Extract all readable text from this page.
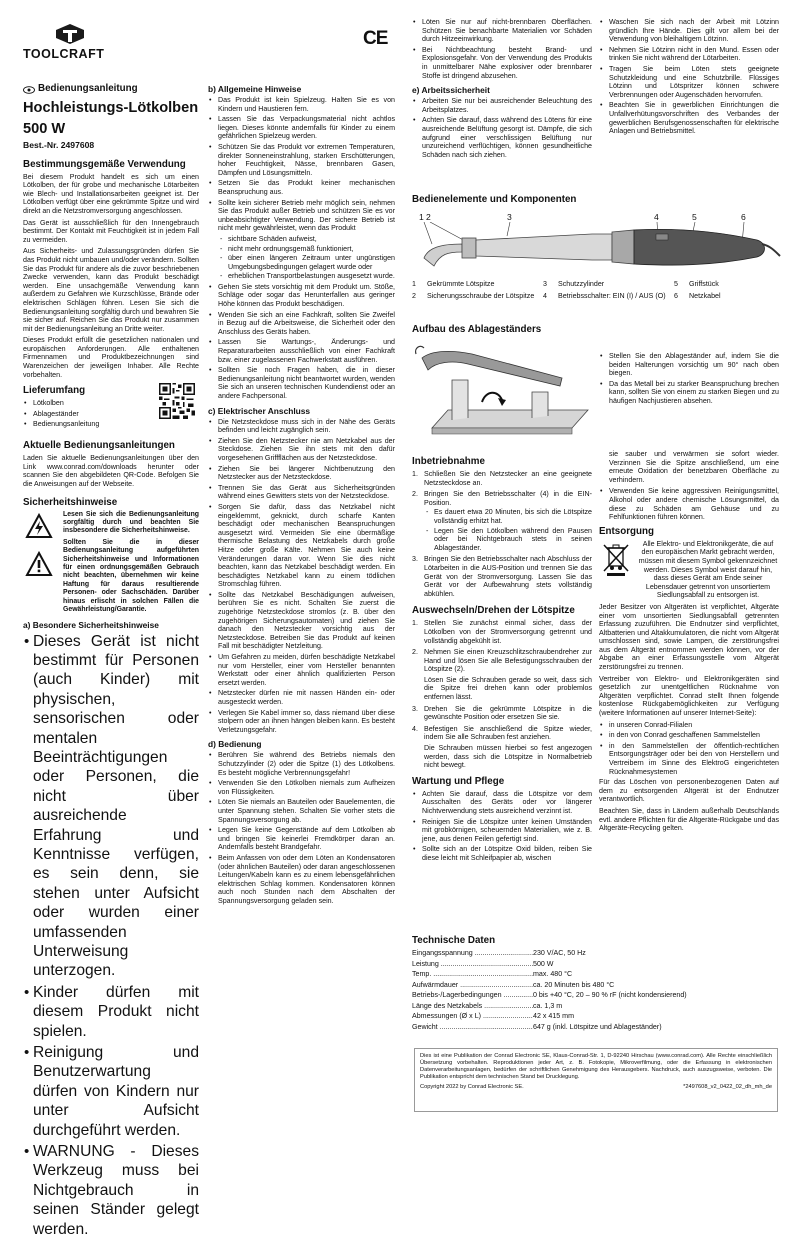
TOOLCRAFT
CE
Bedienungsanleitung

Hochleistungs-Lötkolben

500 W

Best.-Nr. 2497608
Bestimmungsgemäße Verwendung

Bei diesem Produkt handelt es sich um einen Lötkolben, der für grobe und mechanische Lötarbeiten wie Blech- und Installationsarbeiten geeignet ist. Der Lötkolben verfügt über eine gekrümmte Spitze und wird direkt an die Netzstromversorgung angeschlossen.

Das Gerät ist ausschließlich für den Innengebrauch bestimmt. Der Kontakt mit Feuchtigkeit ist in jedem Fall zu vermeiden.

Aus Sicherheits- und Zulassungsgründen dürfen Sie das Produkt nicht umbauen und/oder verändern. Sollten Sie das Produkt für andere als die zuvor beschriebenen Zwecke verwenden, kann das Produkt beschädigt werden. Eine unsachgemäße Verwendung kann außerdem zu Gefahren wie Kurzschlüsse, Brände oder elektrischen Schlägen führen. Lesen Sie sich die Bedienungsanleitung sorgfältig durch und bewahren Sie sie sicher auf. Reichen Sie das Produkt nur zusammen mit der Bedienungsanleitung an Dritte weiter.

Dieses Produkt erfüllt die gesetzlichen nationalen und europäischen Anforderungen. Alle enthaltenen Firmennamen und Produktbezeichnungen sind Warenzeichen der jeweiligen Inhaber. Alle Rechte vorbehalten.

Lieferumfang
• Lötkolben
• Ablageständer
• Bedienungsanleitung
Aktuelle Bedienungsanleitungen

Laden Sie aktuelle Bedienungsanleitungen über den Link www.conrad.com/downloads herunter oder scannen Sie den abgebildeten QR-Code. Befolgen Sie die Anweisungen auf der Webseite.

Sicherheitshinweise

Lesen Sie sich die Bedienungsanleitung sorgfältig durch und beachten Sie insbesondere die Sicherheitshinweise.

Sollten Sie die in dieser Bedienungsanleitung aufgeführten Sicherheitshinweise und Informationen für einen ordnungsgemäßen Gebrauch nicht beachten, übernehmen wir keine Haftung für daraus resultierende Personen- oder Sachschäden. Darüber hinaus erlischt in solchen Fällen die Gewährleistung/Garantie.

a) Besondere Sicherheitshinweise
• Dieses Gerät ist nicht bestimmt für Personen (auch Kinder) mit physischen, sensorischen oder mentalen Beeinträchtigungen oder Personen, die nicht über ausreichende Erfahrung und Kenntnisse verfügen, es sein denn, sie stehen unter Aufsicht oder wurden einer umfassenden Unterweisung unterzogen.
• Kinder dürfen mit diesem Produkt nicht spielen.
• Reinigung und Benutzerwartung dürfen von Kindern nur unter Aufsicht durchgeführt werden.
• WARNUNG - Dieses Werkzeug muss bei Nichtgebrauch in seinen Ständer gelegt werden.
b) Allgemeine Hinweise
• Das Produkt ist kein Spielzeug. Halten Sie es von Kindern und Haustieren fern.
• Lassen Sie das Verpackungsmaterial nicht achtlos liegen. Dieses könnte andernfalls für Kinder zu einem gefährlichen Spielzeug werden.
• Schützen Sie das Produkt vor extremen Temperaturen, direkter Sonneneinstrahlung, starken Erschütterungen, hoher Feuchtigkeit, Nässe, brennbaren Gasen, Dämpfen und Lösungsmitteln.
• Setzen Sie das Produkt keiner mechanischen Beanspruchung aus.
• Sollte kein sicherer Betrieb mehr möglich sein, nehmen Sie das Produkt außer Betrieb und schützen Sie es vor unbeabsichtigter Verwendung. Der sichere Betrieb ist nicht mehr gewährleistet, wenn das Produkt
- sichtbare Schäden aufweist,
- nicht mehr ordnungsgemäß funktioniert,
- über einen längeren Zeitraum unter ungünstigen Umgebungsbedingungen gelagert wurde oder
- erheblichen Transportbelastungen ausgesetzt wurde.
• Gehen Sie stets vorsichtig mit dem Produkt um. Stöße, Schläge oder sogar das Herunterfallen aus geringer Höhe können das Produkt beschädigen.
• Wenden Sie sich an eine Fachkraft, sollten Sie Zweifel in Bezug auf die Arbeitsweise, die Sicherheit oder den Anschluss des Geräts haben.
• Lassen Sie Wartungs-, Änderungs- und Reparaturarbeiten ausschließlich von einer Fachkraft bzw. einer zugelassenen Fachwerkstatt ausführen.
• Sollten Sie noch Fragen haben, die in dieser Bedienungsanleitung nicht beantwortet wurden, wenden Sie sich an unseren technischen Kundendienst oder an andere Fachpersonal.
c) Elektrischer Anschluss
• Die Netzsteckdose muss sich in der Nähe des Geräts befinden und leicht zugänglich sein.
• Ziehen Sie den Netzstecker nie am Netzkabel aus der Steckdose. Ziehen Sie ihn stets mit den dafür vorgesehenen Griffflächen aus der Netzsteckdose.
• Ziehen Sie bei längerer Nichtbenutzung den Netzstecker aus der Netzsteckdose.
• Trennen Sie das Gerät aus Sicherheitsgründen während eines Gewitters stets von der Netzsteckdose.
• Sorgen Sie dafür, dass das Netzkabel nicht eingeklemmt, geknickt, durch scharfe Kanten beschädigt oder mechanischen Beanspruchungen ausgesetzt wird. Vermeiden Sie eine übermäßige thermische Belastung des Netzkabels durch große Hitze oder große Kälte. Nehmen Sie auch keine Veränderungen daran vor. Wenn Sie dies nicht beachten, kann das Netzkabel beschädigt werden. Ein beschädigtes Netzkabel kann zu einem tödlichen Stromschlag führen.
• Sollte das Netzkabel Beschädigungen aufweisen, berühren Sie es nicht. Schalten Sie zuerst die zugehörige Netzsteckdose stromlos (z. B. über den zugehörigen Sicherungsautomaten) und ziehen Sie danach den Netzstecker vorsichtig aus der Netzsteckdose. Betreiben Sie das Produkt auf keinen Fall mit beschädigter Netzleitung.
• Um Gefahren zu meiden, dürfen beschädigte Netzkabel nur vom Hersteller, einer vom Hersteller benannten Werkstatt oder einer ähnlich qualifizierten Person ersetzt werden.
• Netzstecker dürfen nie mit nassen Händen ein- oder ausgesteckt werden.
• Verlegen Sie Kabel immer so, dass niemand über diese stolpern oder an ihnen hängen bleiben kann. Es besteht Verletzungsgefahr.
d) Bedienung
• Berühren Sie während des Betriebs niemals den Schutzzylinder (2) oder die Spitze (1) des Lötkolbens. Es besteht mögliche Verbrennungsgefahr!
• Verwenden Sie den Lötkolben niemals zum Aufheizen von Flüssigkeiten.
• Löten Sie niemals an Bauteilen oder Bauelementen, die unter Spannung stehen. Schalten Sie vorher stets die Spannungsversorgung ab.
• Legen Sie keine Gegenstände auf dem Lötkolben ab und bringen Sie keinerlei Fremdkörper daran an. Andernfalls besteht Brandgefahr.
• Beim Anfassen von oder dem Löten an Kondensatoren (oder ähnlichen Bauteilen) oder daran angeschlossenen Leitungen/Kabeln kann es zu einem lebensgefährlichen elektrischen Schlag kommen. Kondensatoren können auch noch Stunden nach dem Abschalten der Spannungsversorgung geladen sein.
• Löten Sie nur auf nicht-brennbaren Oberflächen. Schützen Sie benachbarte Materialien vor Schäden durch Hitzeeinwirkung.
• Bei Nichtbeachtung besteht Brand- und Explosionsgefahr. Von der Verwendung des Produkts in unmittelbarer Nähe explosiver oder brennbarer Stoffe ist dringend abzusehen.
e) Arbeitssicherheit
• Arbeiten Sie nur bei ausreichender Beleuchtung des Arbeitsplatzes.
• Achten Sie darauf, dass während des Lötens für eine ausreichende Belüftung gesorgt ist. Dämpfe, die sich aufgrund einer verschlissigen Belüftung nur unzureichend verflüchtigen, können gesundheitliche Schäden nach sich ziehen.
• Waschen Sie sich nach der Arbeit mit Lötzinn gründlich Ihre Hände. Dies gilt vor allem bei der Verwendung von bleihaltigem Lötzinn.
• Nehmen Sie Lötzinn nicht in den Mund. Essen oder trinken Sie nicht während der Lötarbeiten.
• Tragen Sie beim Löten stets geeignete Schutzkleidung und eine Schutzbrille. Flüssiges Lötzinn und Lötspritzer können schwere Verbrennungen oder Augenschäden hervorrufen.
• Beachten Sie in gewerblichen Einrichtungen die Unfallverhütungsvorschriften des Verbandes der gewerblichen Berufsgenossenschaften für elektrische Anlagen und Betriebsmittel.
Bedienelemente und Komponenten
1 2	3	4	5	6
1	Gekrümmte Lötspitze	3	Schutzzylinder	5	Griffstück
2	Sicherungsschraube der Lötspitze	4	Betriebsschalter: EIN (I) / AUS (O)	6	Netzkabel
Aufbau des Ablageständers
• Stellen Sie den Ablageständer auf, indem Sie die beiden Halterungen vorsichtig um 90° nach oben biegen.
• Da das Metall bei zu starker Beanspruchung brechen kann, sollten Sie von einem zu starken Biegen und zu häufigen Nachjustieren absehen.
Inbetriebnahme
1. Schließen Sie den Netzstecker an eine geeignete Netzsteckdose an.
2. Bringen Sie den Betriebsschalter (4) in die EIN-Position.
- Es dauert etwa 20 Minuten, bis sich die Lötspitze vollständig erhitzt hat.
- Legen Sie den Lötkolben während den Pausen oder bei Nichtgebrauch stets in seinen Ablageständer.
3. Bringen Sie den Betriebsschalter nach Abschluss der Lötarbeiten in die AUS-Position und trennen Sie das Gerät von der Stromversorgung. Lassen Sie das Gerät vor der Aufbewahrung stets vollständig abkühlen.
Auswechseln/Drehen der Lötspitze
1. Stellen Sie zunächst einmal sicher, dass der Lötkolben von der Stromversorgung getrennt und vollständig abgekühlt ist.
2. Nehmen Sie einen Kreuzschlitzschraubendreher zur Hand und lösen Sie alle Befestigungsschrauben der Lötspitze (2).
Lösen Sie die Schrauben gerade so weit, dass sich die Spitze frei drehen kann oder problemlos entfernen lässt.
3. Drehen Sie die gekrümmte Lötspitze in die gewünschte Position oder ersetzen Sie sie.
4. Befestigen Sie anschließend die Spitze wieder, indem Sie alle Schrauben fest anziehen.
Die Schrauben müssen hierbei so fest angezogen werden, dass sich die Lötspitze in Normalbetrieb nicht bewegt.
Wartung und Pflege
• Achten Sie darauf, dass die Lötspitze vor dem Ausschalten des Geräts oder vor längerer Nichtverwendung stets ausreichend verzinnt ist.
• Reinigen Sie die Lötspitze unter keinen Umständen mit grobkörnigen, scheuernden Materialien, wie z. B. jene, aus denen Feilen gefertigt sind.
• Sollte sich an der Lötspitze Oxid bilden, reiben Sie diese leicht mit Schleifpapier ab, wischen
Technische Daten
Eingangsspannung .....	230 V/AC, 50 Hz
Leistung .....	500 W
Temp. .....	max. 480 °C
Aufwärmdauer .....	ca. 20 Minuten bis 480 °C
Betriebs-/Lagerbedingungen .....	0 bis +40 °C, 20 – 90 % rF (nicht kondensierend)
Länge des Netzkabels .....	ca. 1,3 m
Abmessungen (Ø x L) .....	42 x 415 mm
Gewicht .....	647 g (inkl. Lötspitze und Ablageständer)

sie sauber und verwärmen sie sofort wieder. Verzinnen Sie die Spitze anschließend, um eine erneute Oxidation der benetzbaren Oberfläche zu verhindern.

• Verwenden Sie keine aggressiven Reinigungsmittel, Alkohol oder andere chemische Lösungsmittel, da diese zu Schäden am Gehäuse und zu Fehlfunktionen führen können.
Entsorgung

Alle Elektro- und Elektronikgeräte, die auf den europäischen Markt gebracht werden, müssen mit diesem Symbol gekennzeichnet werden. Dieses Symbol weist darauf hin, dass dieses Gerät am Ende seiner Lebensdauer getrennt von unsortiertem Siedlungsabfall zu entsorgen ist.

Jeder Besitzer von Altgeräten ist verpflichtet, Altgeräte einer vom unsortierten Siedlungsabfall getrennten Erfassung zuzuführen. Die Endnutzer sind verpflichtet, Altbatterien und Altakkumulatoren, die nicht vom Altgerät umschlossen sind, sowie Lampen, die zerstörungsfrei aus dem Altgerät entnommen werden können, vor der Abgabe an einer Erfassungsstelle vom Altgerät zerstörungsfrei zu trennen.

Vertreiber von Elektro- und Elektronikgeräten sind gesetzlich zur unentgeltlichen Rücknahme von Altgeräten verpflichtet. Conrad stellt Ihnen folgende kostenlose Rückgabemöglichkeiten zur Verfügung (weitere Informationen auf unserer Internet-Seite):

• in unseren Conrad-Filialen
• in den von Conrad geschaffenen Sammelstellen
• in den Sammelstellen der öffentlich-rechtlichen Entsorgungsträger oder bei den von Herstellern und Vertreibern im Sinne des ElektroG eingerichteten Rücknahmesystemen

Für das Löschen von personenbezogenen Daten auf dem zu entsorgenden Altgerät ist der Endnutzer verantwortlich.

Beachten Sie, dass in Ländern außerhalb Deutschlands evtl. andere Pflichten für die Altgeräte-Rückgabe und das Altgeräte-Recycling gelten.

Dies ist eine Publikation der Conrad Electronic SE, Klaus-Conrad-Str. 1, D-92240 Hirschau (www.conrad.com). Alle Rechte einschließlich Übersetzung vorbehalten. Reproduktionen jeder Art, z. B. Fotokopie, Mikroverfilmung, oder die Erfassung in elektronischen Datenverarbeitungsanlagen, bedürfen der schriftlichen Genehmigung des Herausgebers. Nachdruck, auch auszugsweise, verboten. Die Publikation entspricht dem technischen Stand bei Drucklegung.
Copyright 2022 by Conrad Electronic SE.	*2497608_v2_0422_02_dh_mh_de
